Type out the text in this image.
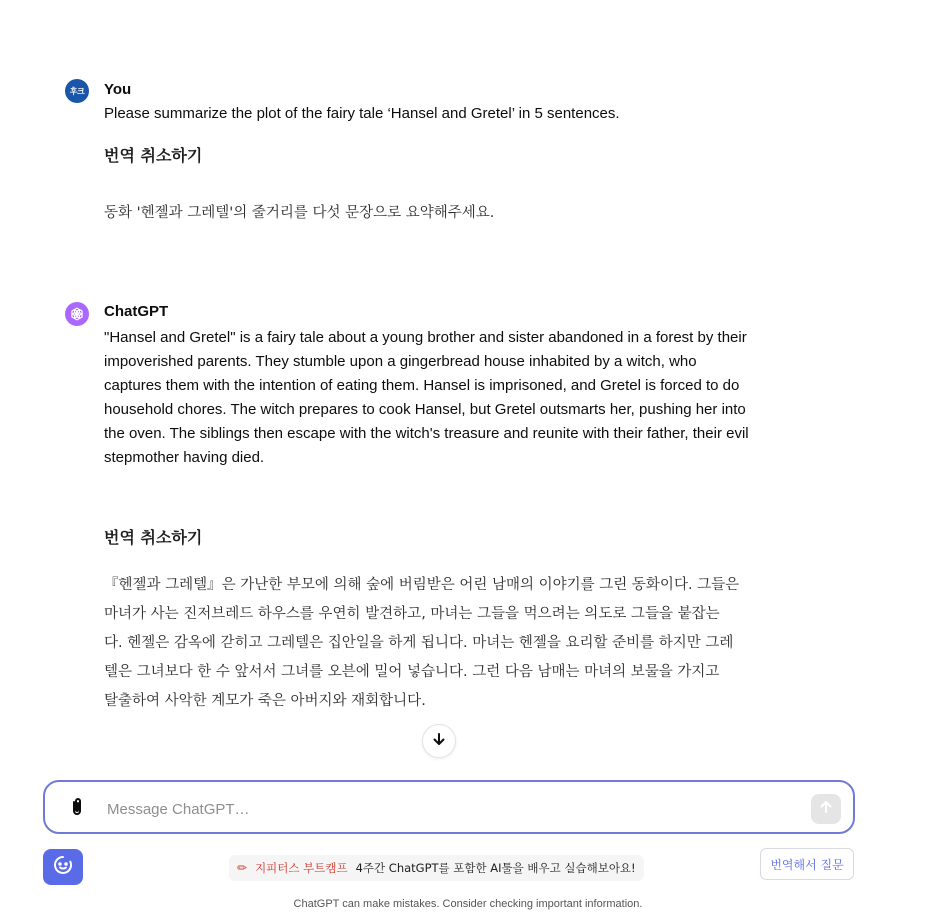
후크	You
Please summarize the plot of the fairy tale ‘Hansel and Gretel’ in 5 sentences.
번역 취소하기
동화 '헨젤과 그레텔'의 줄거리를 다섯 문장으로 요약해주세요.
ChatGPT
"Hansel and Gretel" is a fairy tale about a young brother and sister abandoned in a forest by their
impoverished parents. They stumble upon a gingerbread house inhabited by a witch, who
captures them with the intention of eating them. Hansel is imprisoned, and Gretel is forced to do
household chores. The witch prepares to cook Hansel, but Gretel outsmarts her, pushing her into
the oven. The siblings then escape with the witch's treasure and reunite with their father, their evil
stepmother having died.
번역 취소하기
『헨젤과 그레텔』은 가난한 부모에 의해 숲에 버림받은 어린 남매의 이야기를 그린 동화이다. 그들은
마녀가 사는 진저브레드 하우스를 우연히 발견하고, 마녀는 그들을 먹으려는 의도로 그들을 붙잡는
다. 헨젤은 감옥에 갇히고 그레텔은 집안일을 하게 됩니다. 마녀는 헨젤을 요리할 준비를 하지만 그레
텔은 그녀보다 한 수 앞서서 그녀를 오븐에 밀어 넣습니다. 그런 다음 남매는 마녀의 보물을 가지고
탈출하여 사악한 계모가 죽은 아버지와 재회합니다.
Message ChatGPT…
✏ 지피터스 부트캠프 4주간 ChatGPT를 포함한 AI툴을 배우고 실습해보아요!	번역해서 질문
ChatGPT can make mistakes. Consider checking important information.
